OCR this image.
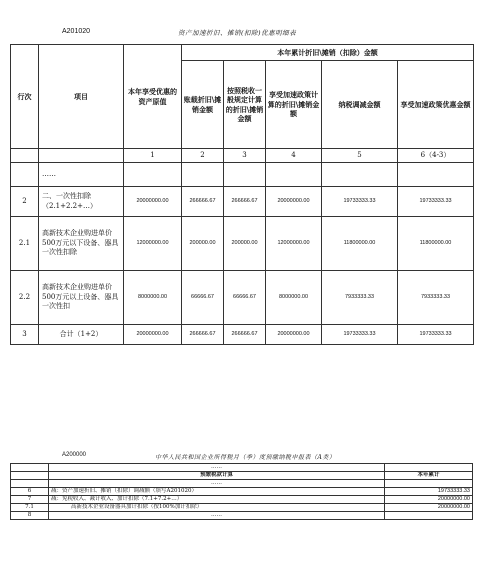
A201020	资产加速折旧、摊销(扣除)优惠明细表
行次	项目	本年享受优惠的资产原值	本年累计折旧\摊销（扣除）金额				
			账载折旧\摊销金额	按照税收一般规定计算的折旧\摊销金额	享受加速政策计算的折旧\摊销金额	纳税调减金额	享受加速政策优惠金额
		1	2	3	4	5	6（4-3）
	……						
2	二、一次性扣除（2.1+2.2+…）	20000000.00	266666.67	266666.67	20000000.00	19733333.33	19733333.33
2.1	高新技术企业购进单价500万元以下设备、器具一次性扣除	12000000.00	200000.00	200000.00	12000000.00	11800000.00	11800000.00
2.2	高新技术企业购进单价500万元以上设备、器具一次性扣	8000000.00	66666.67	66666.67	8000000.00	7933333.33	7933333.33
3	合计（1+2）	20000000.00	266666.67	266666.67	20000000.00	19733333.33	19733333.33
A200000	中华人民共和国企业所得税月（季）度预缴纳税申报表（A类）
	……	
	预缴税款计算	本年累计
	……	
6	减：资产加速折旧、摊销（扣除）调减额（填写A201020）	19733333.33
7	减：免税收入、减计收入、加计扣除（7.1+7.2+…）	20000000.00
7.1	高新技术企业设备器具加计扣除（按100%加计扣除）	20000000.00
8	……	
